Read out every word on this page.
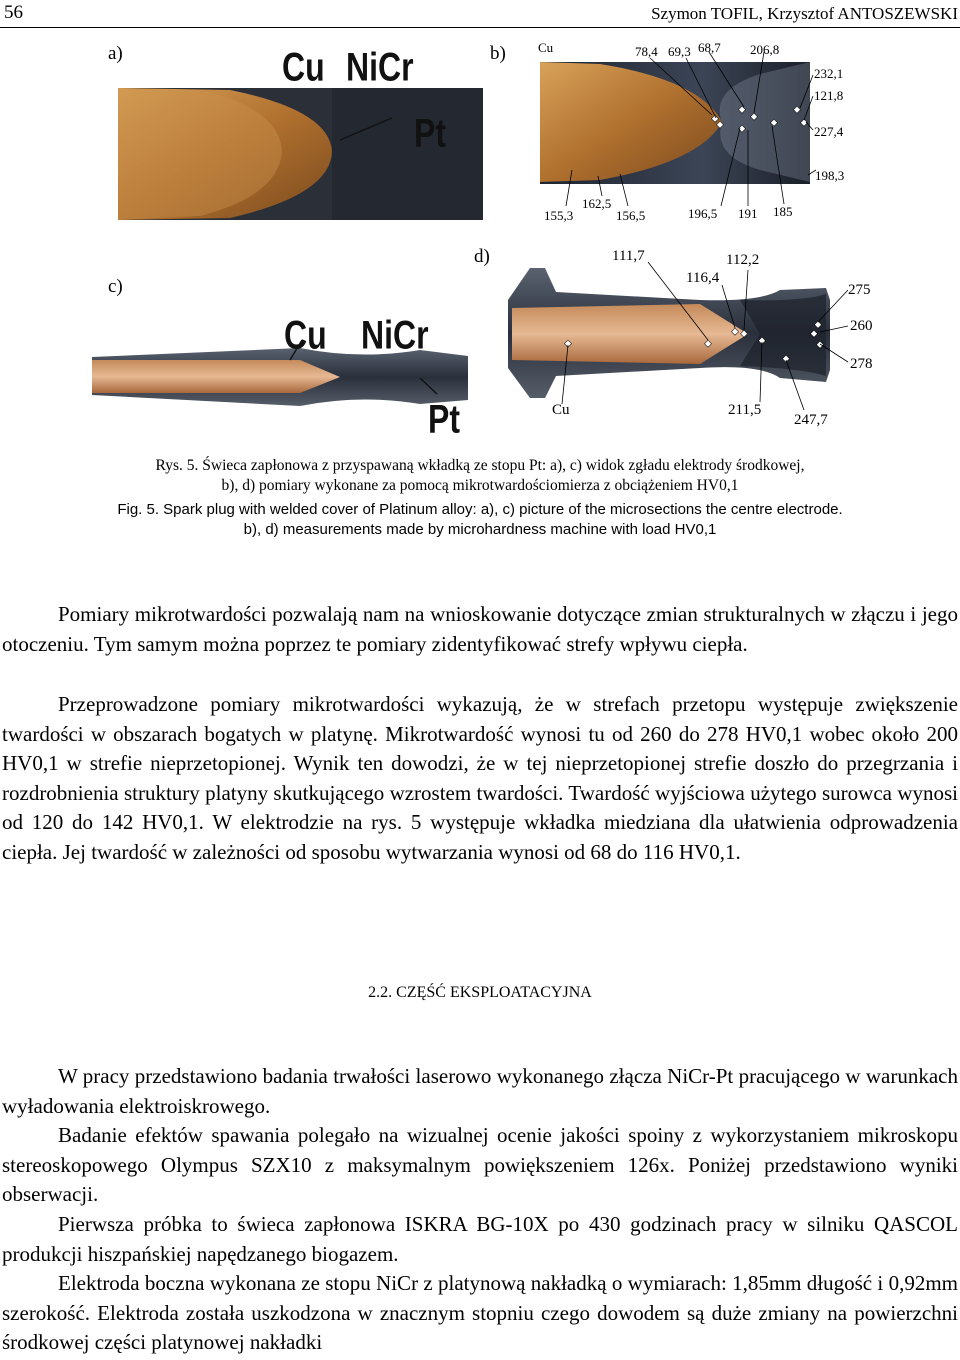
56	Szymon TOFIL, Krzysztof ANTOSZEWSKI
a)	b)
c)
d)
Cu NiCr
Pt
Cu	78,4 69,3 68,7 206,8
232,1
121,8
227,4
198,3
155,3
162,5
156,5	196,5 191 185
Cu NiCr
Pt
111,7	112,2
116,4
275
260
278
Cu	211,5
247,7
Rys. 5. Świeca zapłonowa z przyspawaną wkładką ze stopu Pt: a), c) widok zgładu elektrody środkowej,
b), d) pomiary wykonane za pomocą mikrotwardościomierza z obciążeniem HV0,1
Fig. 5. Spark plug with welded cover of Platinum alloy: a), c) picture of the microsections the centre electrode.
b), d) measurements made by microhardness machine with load HV0,1

Pomiary mikrotwardości pozwalają nam na wnioskowanie dotyczące zmian strukturalnych w złączu i jego otoczeniu. Tym samym można poprzez te pomiary zidentyfikować strefy wpływu ciepła.

Przeprowadzone pomiary mikrotwardości wykazują, że w strefach przetopu występuje zwiększenie twardości w obszarach bogatych w platynę. Mikrotwardość wynosi tu od 260 do 278 HV0,1 wobec około 200 HV0,1 w strefie nieprzetopionej. Wynik ten dowodzi, że w tej nieprzetopionej strefie doszło do przegrzania i rozdrobnienia struktury platyny skutkującego wzrostem twardości. Twardość wyjściowa użytego surowca wynosi od 120 do 142 HV0,1. W elektrodzie na rys. 5 występuje wkładka miedziana dla ułatwienia odprowadzenia ciepła. Jej twardość w zależności od sposobu wytwarzania wynosi od 68 do 116 HV0,1.

2.2. CZĘŚĆ EKSPLOATACYJNA

W pracy przedstawiono badania trwałości laserowo wykonanego złącza NiCr-Pt pracującego w warunkach wyładowania elektroiskrowego.

Badanie efektów spawania polegało na wizualnej ocenie jakości spoiny z wykorzystaniem mikroskopu stereoskopowego Olympus SZX10 z maksymalnym powiększeniem 126x. Poniżej przedstawiono wyniki obserwacji.

Pierwsza próbka to świeca zapłonowa ISKRA BG-10X po 430 godzinach pracy w silniku QASCOL produkcji hiszpańskiej napędzanego biogazem.

Elektroda boczna wykonana ze stopu NiCr z platynową nakładką o wymiarach: 1,85mm długość i 0,92mm szerokość. Elektroda została uszkodzona w znacznym stopniu czego dowodem są duże zmiany na powierzchni środkowej części platynowej nakładki
